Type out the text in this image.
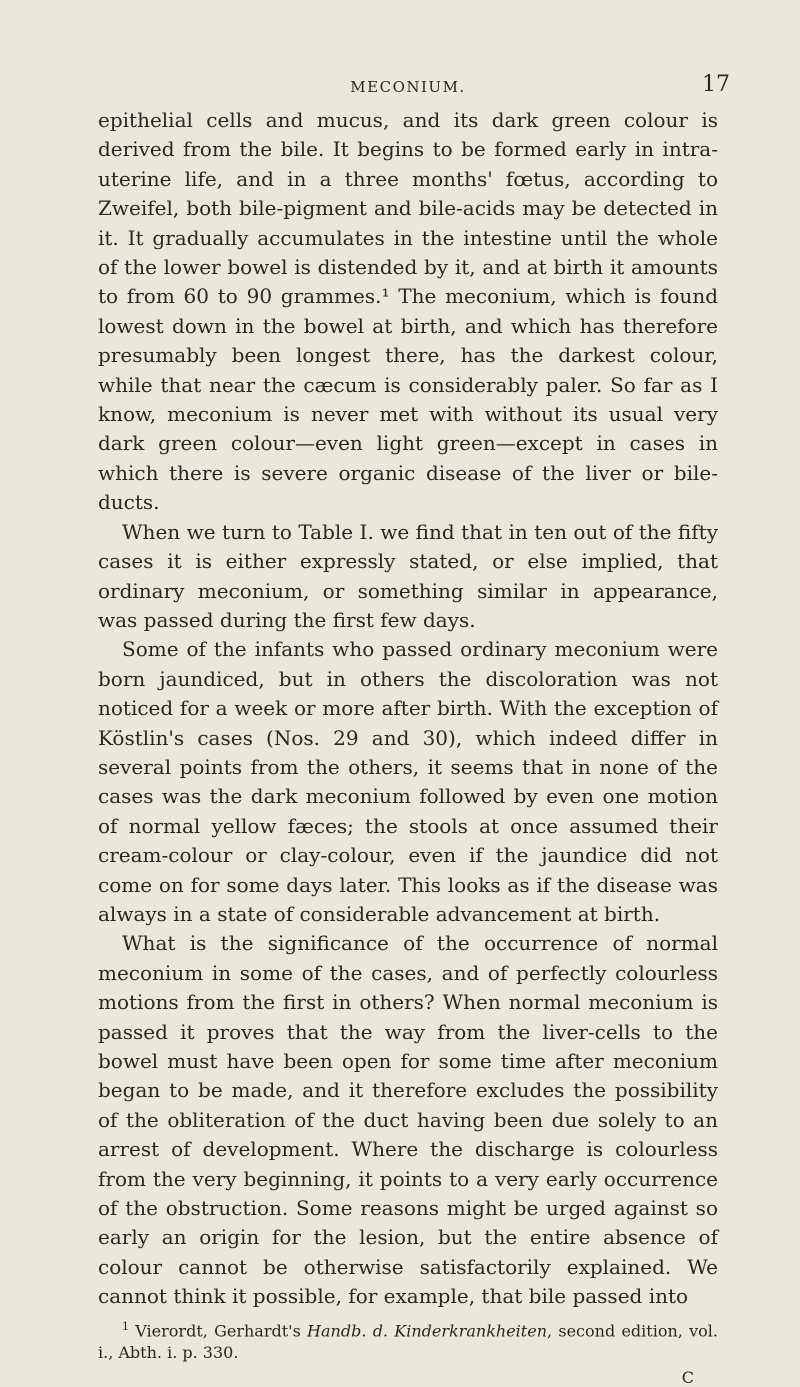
MECONIUM.	17

epithelial cells and mucus, and its dark green colour is derived from the bile. It begins to be formed early in intra-uterine life, and in a three months' fœtus, according to Zweifel, both bile-pigment and bile-acids may be detected in it. It gradually accumulates in the intestine until the whole of the lower bowel is distended by it, and at birth it amounts to from 60 to 90 grammes.¹ The meconium, which is found lowest down in the bowel at birth, and which has therefore presumably been longest there, has the darkest colour, while that near the cæcum is considerably paler. So far as I know, meconium is never met with without its usual very dark green colour—even light green—except in cases in which there is severe organic disease of the liver or bile-ducts.

When we turn to Table I. we find that in ten out of the fifty cases it is either expressly stated, or else implied, that ordinary meconium, or something similar in appearance, was passed during the first few days.

Some of the infants who passed ordinary meconium were born jaundiced, but in others the discoloration was not noticed for a week or more after birth. With the exception of Köstlin's cases (Nos. 29 and 30), which indeed differ in several points from the others, it seems that in none of the cases was the dark meconium followed by even one motion of normal yellow fæces; the stools at once assumed their cream-colour or clay-colour, even if the jaundice did not come on for some days later. This looks as if the disease was always in a state of considerable advancement at birth.

What is the significance of the occurrence of normal meconium in some of the cases, and of perfectly colourless motions from the first in others? When normal meconium is passed it proves that the way from the liver-cells to the bowel must have been open for some time after meconium began to be made, and it therefore excludes the possibility of the obliteration of the duct having been due solely to an arrest of development. Where the discharge is colourless from the very beginning, it points to a very early occurrence of the obstruction. Some reasons might be urged against so early an origin for the lesion, but the entire absence of colour cannot be otherwise satisfactorily explained. We cannot think it possible, for example, that bile passed into

$^1$ Vierordt, Gerhardt's Handb. d. Kinderkrankheiten, second edition, vol. i., Abth. i. p. 330.

C
